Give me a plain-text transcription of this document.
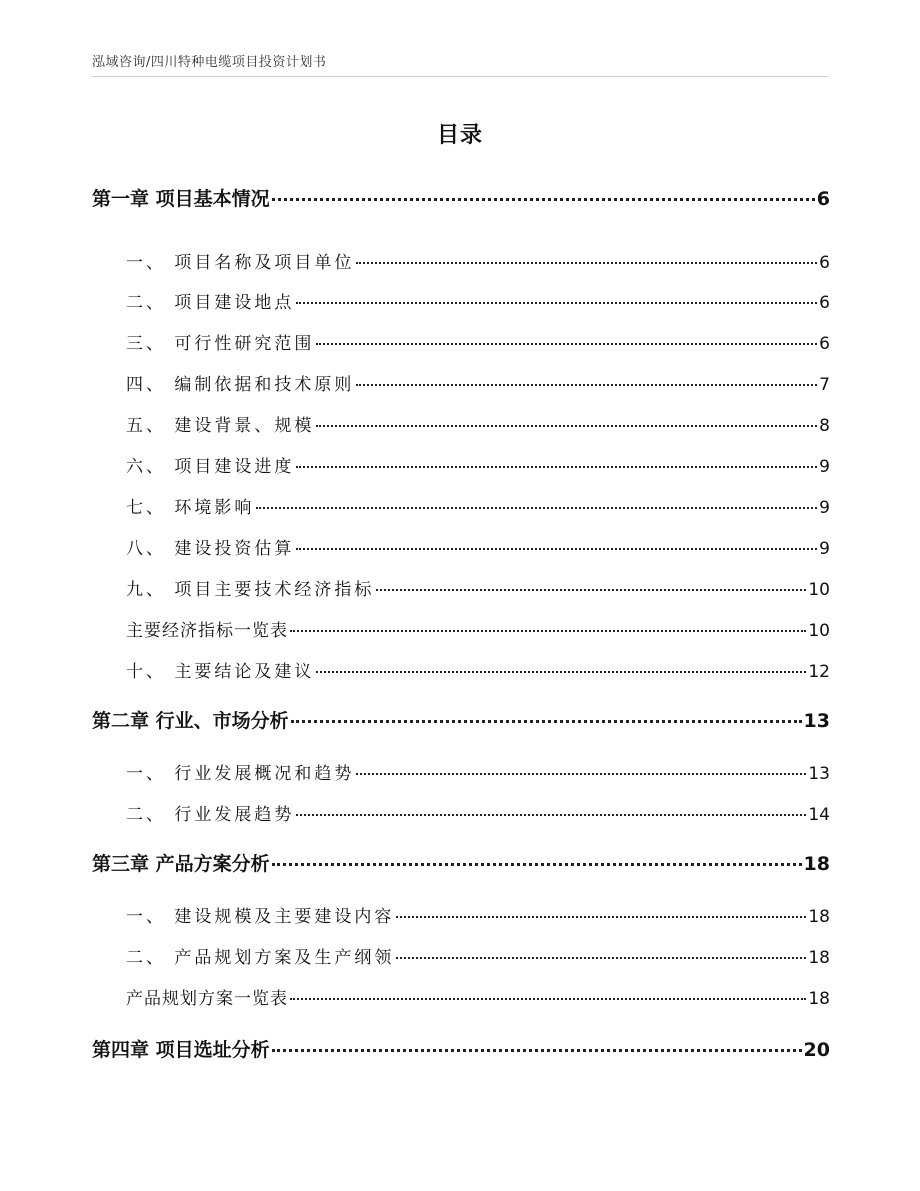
泓域咨询/四川特种电缆项目投资计划书
目录
第一章 项目基本情况	6
一、 项目名称及项目单位	6
二、 项目建设地点	6
三、 可行性研究范围	6
四、 编制依据和技术原则	7
五、 建设背景、规模	8
六、 项目建设进度	9
七、 环境影响	9
八、 建设投资估算	9
九、 项目主要技术经济指标	10
主要经济指标一览表	10
十、 主要结论及建议	12
第二章 行业、市场分析	13
一、 行业发展概况和趋势	13
二、 行业发展趋势	14
第三章 产品方案分析	18
一、 建设规模及主要建设内容	18
二、 产品规划方案及生产纲领	18
产品规划方案一览表	18
第四章 项目选址分析	20
